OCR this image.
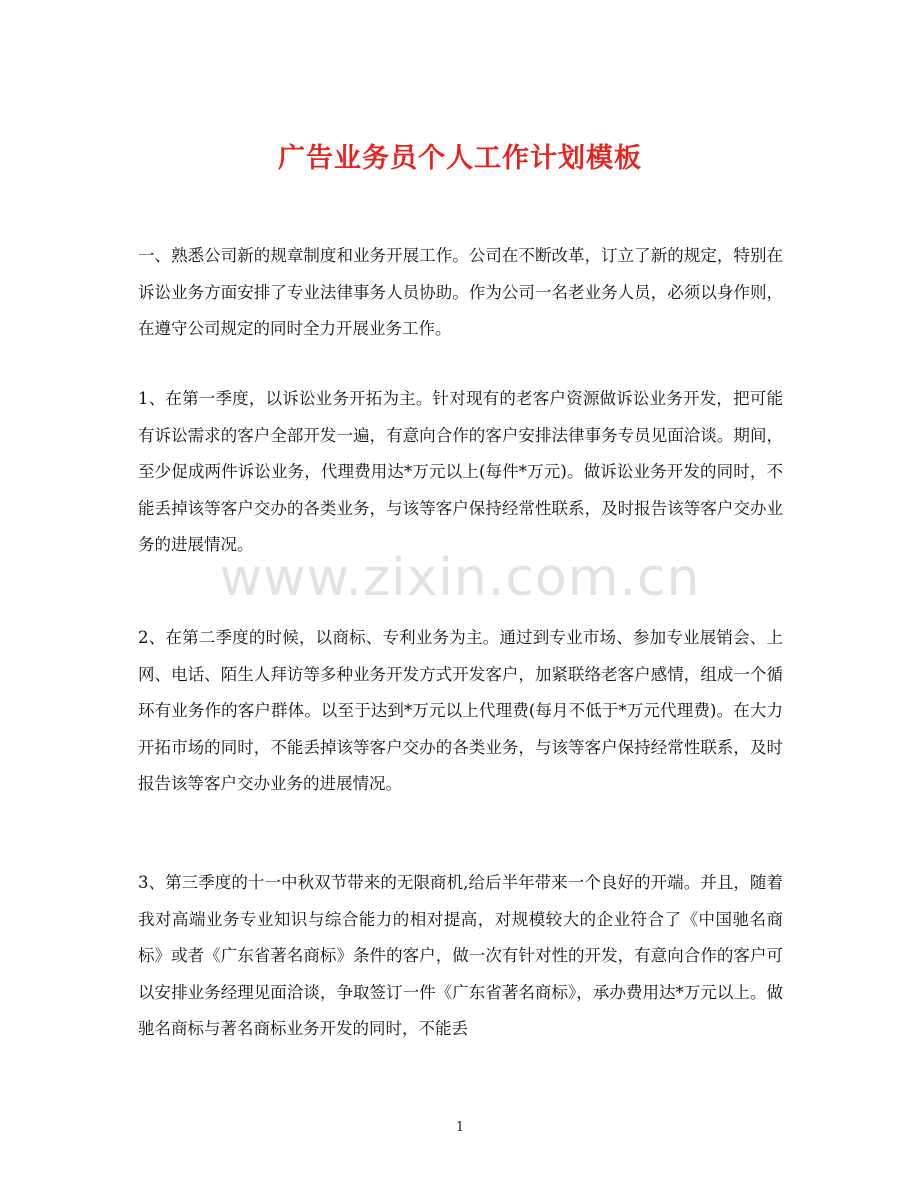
广告业务员个人工作计划模板

一、熟悉公司新的规章制度和业务开展工作。公司在不断改革，订立了新的规定，特别在诉讼业务方面安排了专业法律事务人员协助。作为公司一名老业务人员，必须以身作则，在遵守公司规定的同时全力开展业务工作。

1、在第一季度，以诉讼业务开拓为主。针对现有的老客户资源做诉讼业务开发，把可能有诉讼需求的客户全部开发一遍，有意向合作的客户安排法律事务专员见面洽谈。期间，至少促成两件诉讼业务，代理费用达*万元以上(每件*万元)。做诉讼业务开发的同时，不能丢掉该等客户交办的各类业务，与该等客户保持经常性联系，及时报告该等客户交办业务的进展情况。

2、在第二季度的时候，以商标、专利业务为主。通过到专业市场、参加专业展销会、上网、电话、陌生人拜访等多种业务开发方式开发客户，加紧联络老客户感情，组成一个循环有业务作的客户群体。以至于达到*万元以上代理费(每月不低于*万元代理费)。在大力开拓市场的同时，不能丢掉该等客户交办的各类业务，与该等客户保持经常性联系，及时报告该等客户交办业务的进展情况。

3、第三季度的十一中秋双节带来的无限商机,给后半年带来一个良好的开端。并且，随着我对高端业务专业知识与综合能力的相对提高，对规模较大的企业符合了《中国驰名商标》或者《广东省著名商标》条件的客户，做一次有针对性的开发，有意向合作的客户可以安排业务经理见面洽谈，争取签订一件《广东省著名商标》，承办费用达*万元以上。做驰名商标与著名商标业务开发的同时，不能丢

www.zixin.com.cn
1
